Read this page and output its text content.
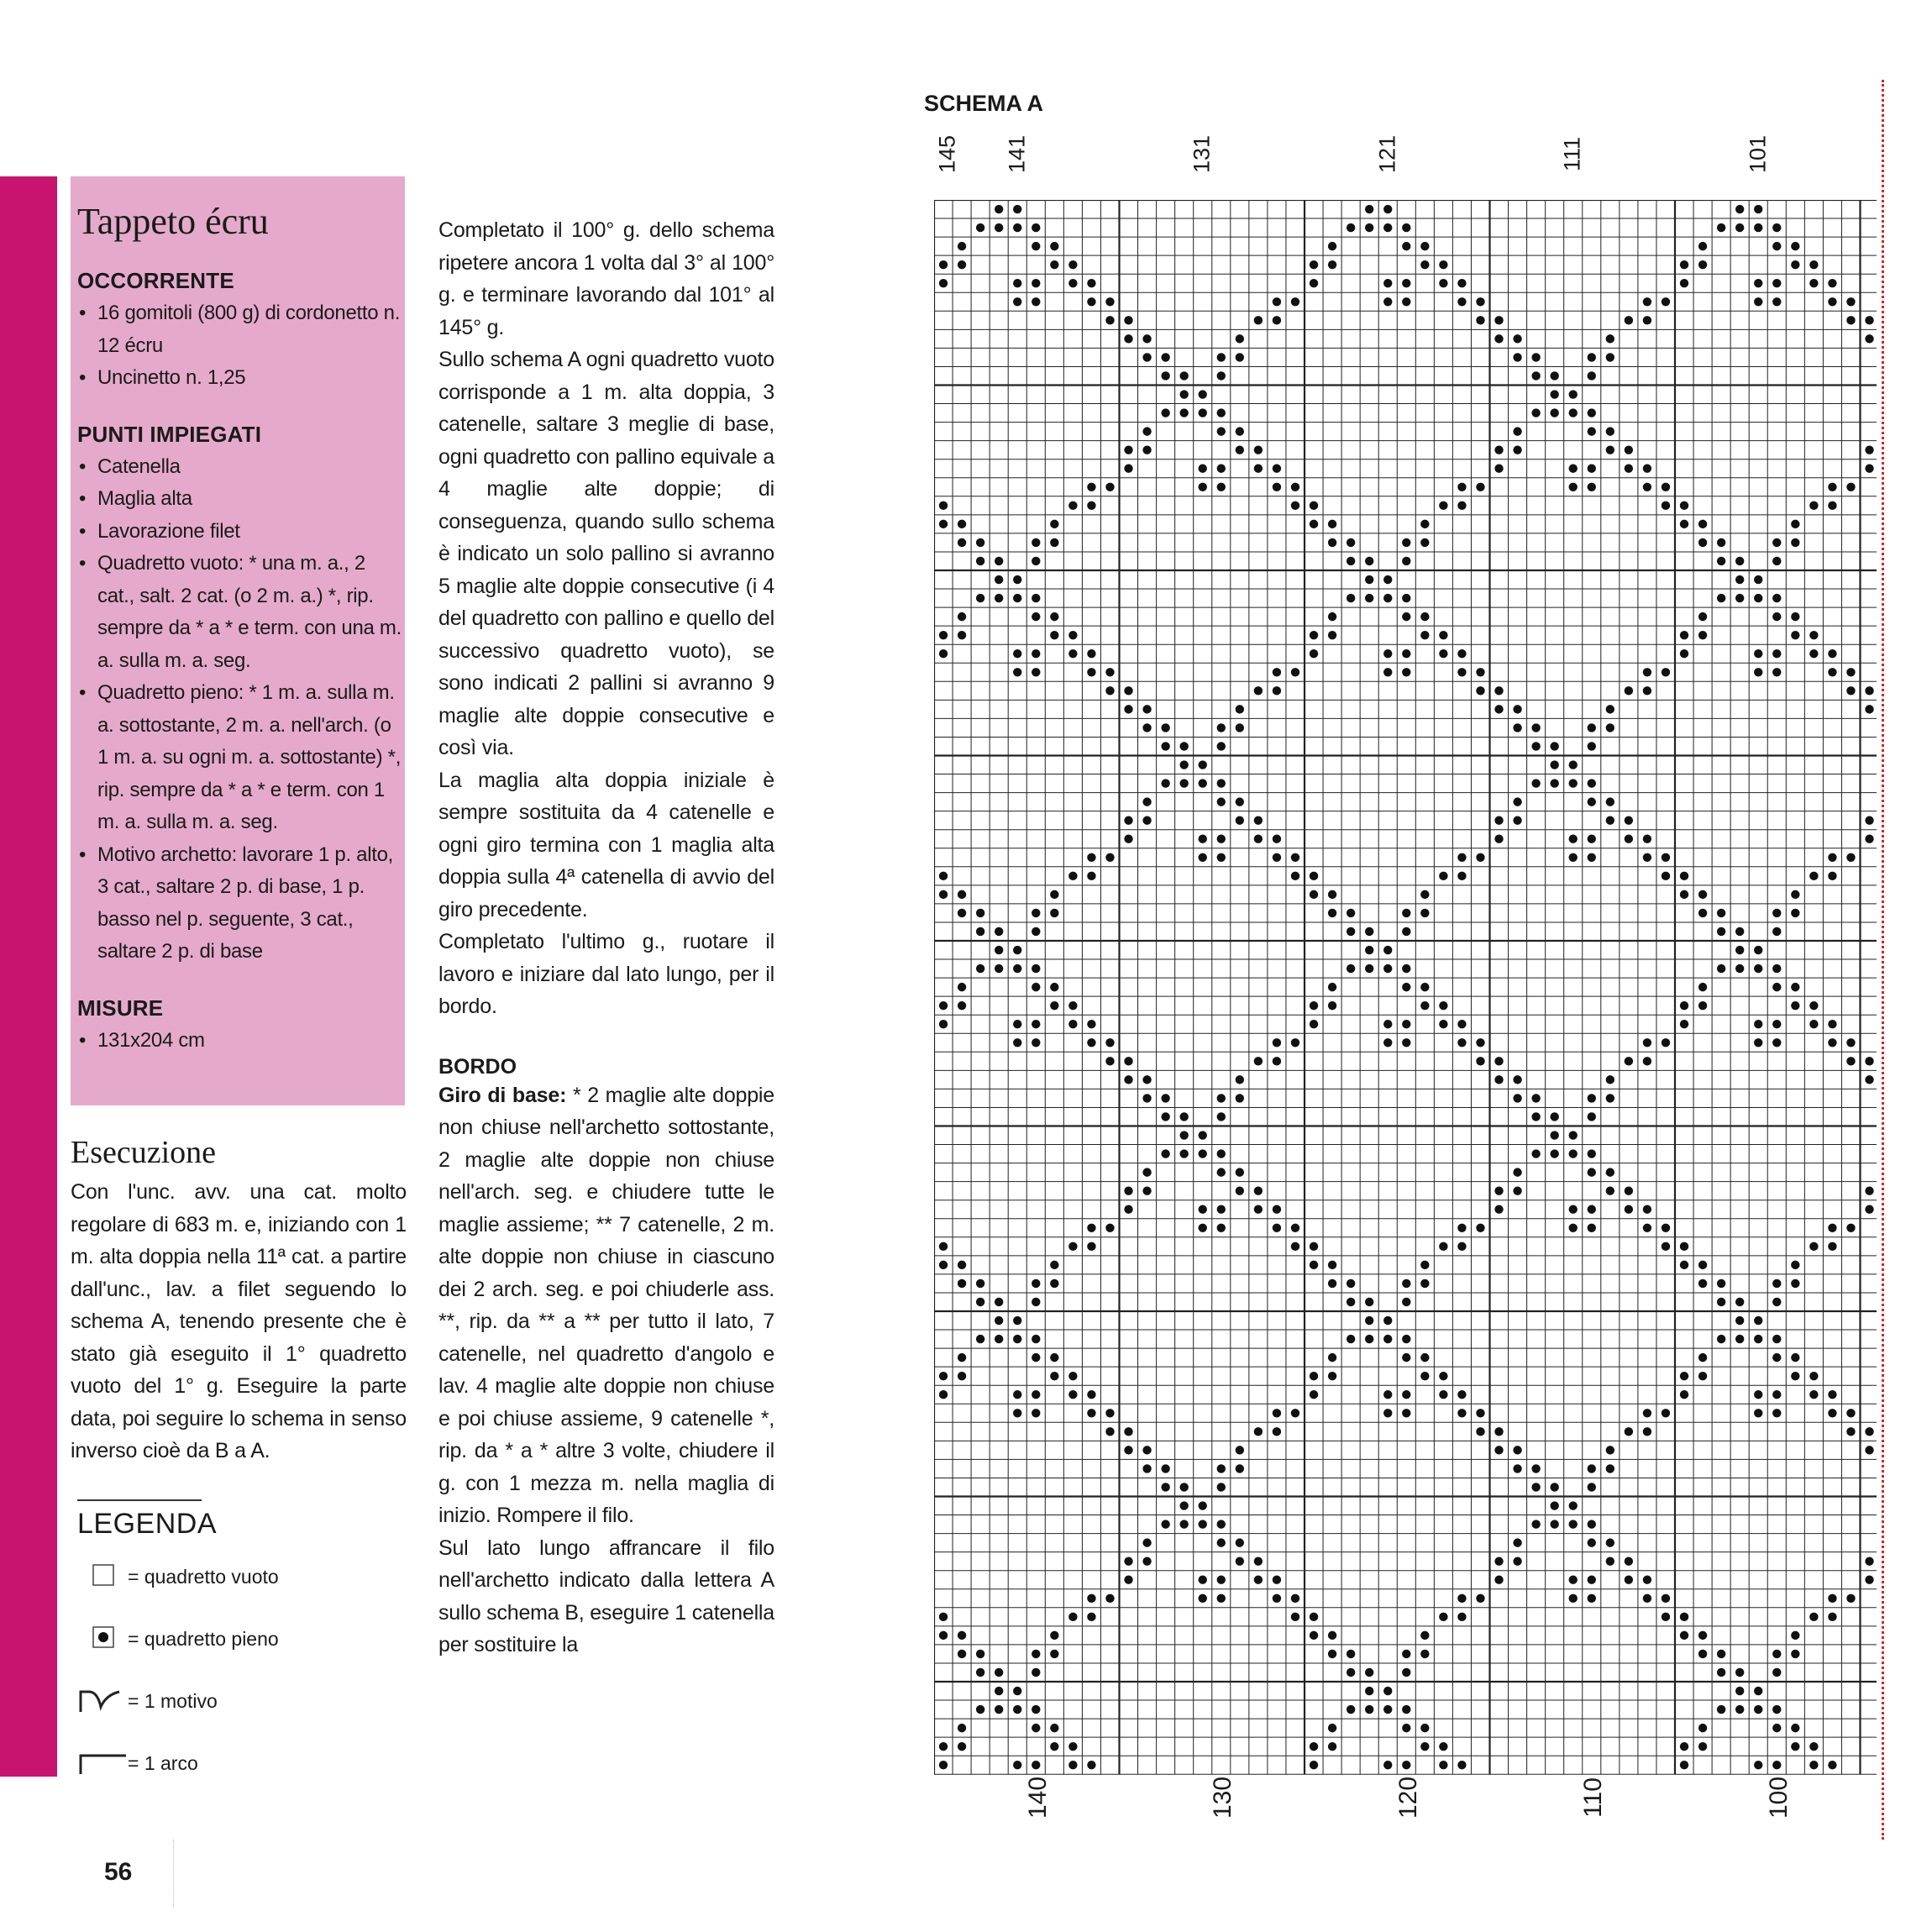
Tappeto écru
OCCORRENTE
• 16 gomitoli (800 g) di cordonetto n. 12 écru
• Uncinetto n. 1,25
PUNTI IMPIEGATI
• Catenella
• Maglia alta
• Lavorazione filet
• Quadretto vuoto: * una m. a., 2 cat., salt. 2 cat. (o 2 m. a.) *, rip. sempre da * a * e term. con una m. a. sulla m. a. seg.
• Quadretto pieno: * 1 m. a. sulla m. a. sottostante, 2 m. a. nell'arch. (o 1 m. a. su ogni m. a. sottostante) *, rip. sempre da * a * e term. con 1 m. a. sulla m. a. seg.
• Motivo archetto: lavorare 1 p. alto, 3 cat., saltare 2 p. di base, 1 p. basso nel p. seguente, 3 cat., saltare 2 p. di base
MISURE
• 131x204 cm
Esecuzione

Con l'unc. avv. una cat. molto regolare di 683 m. e, iniziando con 1 m. alta doppia nella 11ª cat. a partire dall'unc., lav. a filet seguendo lo schema A, tenendo presente che è stato già eseguito il 1° quadretto vuoto del 1° g. Eseguire la parte data, poi seguire lo schema in senso inverso cioè da B a A.

LEGENDA
= quadretto vuoto
= quadretto pieno
= 1 motivo
= 1 arco

Completato il 100° g. dello schema ripetere ancora 1 volta dal 3° al 100° g. e terminare lavorando dal 101° al 145° g.

Sullo schema A ogni quadretto vuoto corrisponde a 1 m. alta doppia, 3 catenelle, saltare 3 meglie di base, ogni quadretto con pallino equivale a 4 maglie alte doppie; di conseguenza, quando sullo schema è indicato un solo pallino si avranno 5 maglie alte doppie consecutive (i 4 del quadretto con pallino e quello del successivo quadretto vuoto), se sono indicati 2 pallini si avranno 9 maglie alte doppie consecutive e così via.

La maglia alta doppia iniziale è sempre sostituita da 4 catenelle e ogni giro termina con 1 maglia alta doppia sulla 4ª catenella di avvio del giro precedente.

Completato l'ultimo g., ruotare il lavoro e iniziare dal lato lungo, per il bordo.

BORDO

Giro di base: * 2 maglie alte doppie non chiuse nell'archetto sottostante, 2 maglie alte doppie non chiuse nell'arch. seg. e chiudere tutte le maglie assieme; ** 7 catenelle, 2 m. alte doppie non chiuse in ciascuno dei 2 arch. seg. e poi chiuderle ass. **, rip. da ** a ** per tutto il lato, 7 catenelle, nel quadretto d'angolo e lav. 4 maglie alte doppie non chiuse e poi chiuse assieme, 9 catenelle *, rip. da * a * altre 3 volte, chiudere il g. con 1 mezza m. nella maglia di inizio. Rompere il filo.

Sul lato lungo affrancare il filo nell'archetto indicato dalla lettera A sullo schema B, eseguire 1 catenella per sostituire la

56
SCHEMA A
145 141	131	121	111	101
140	130	120	110	100
